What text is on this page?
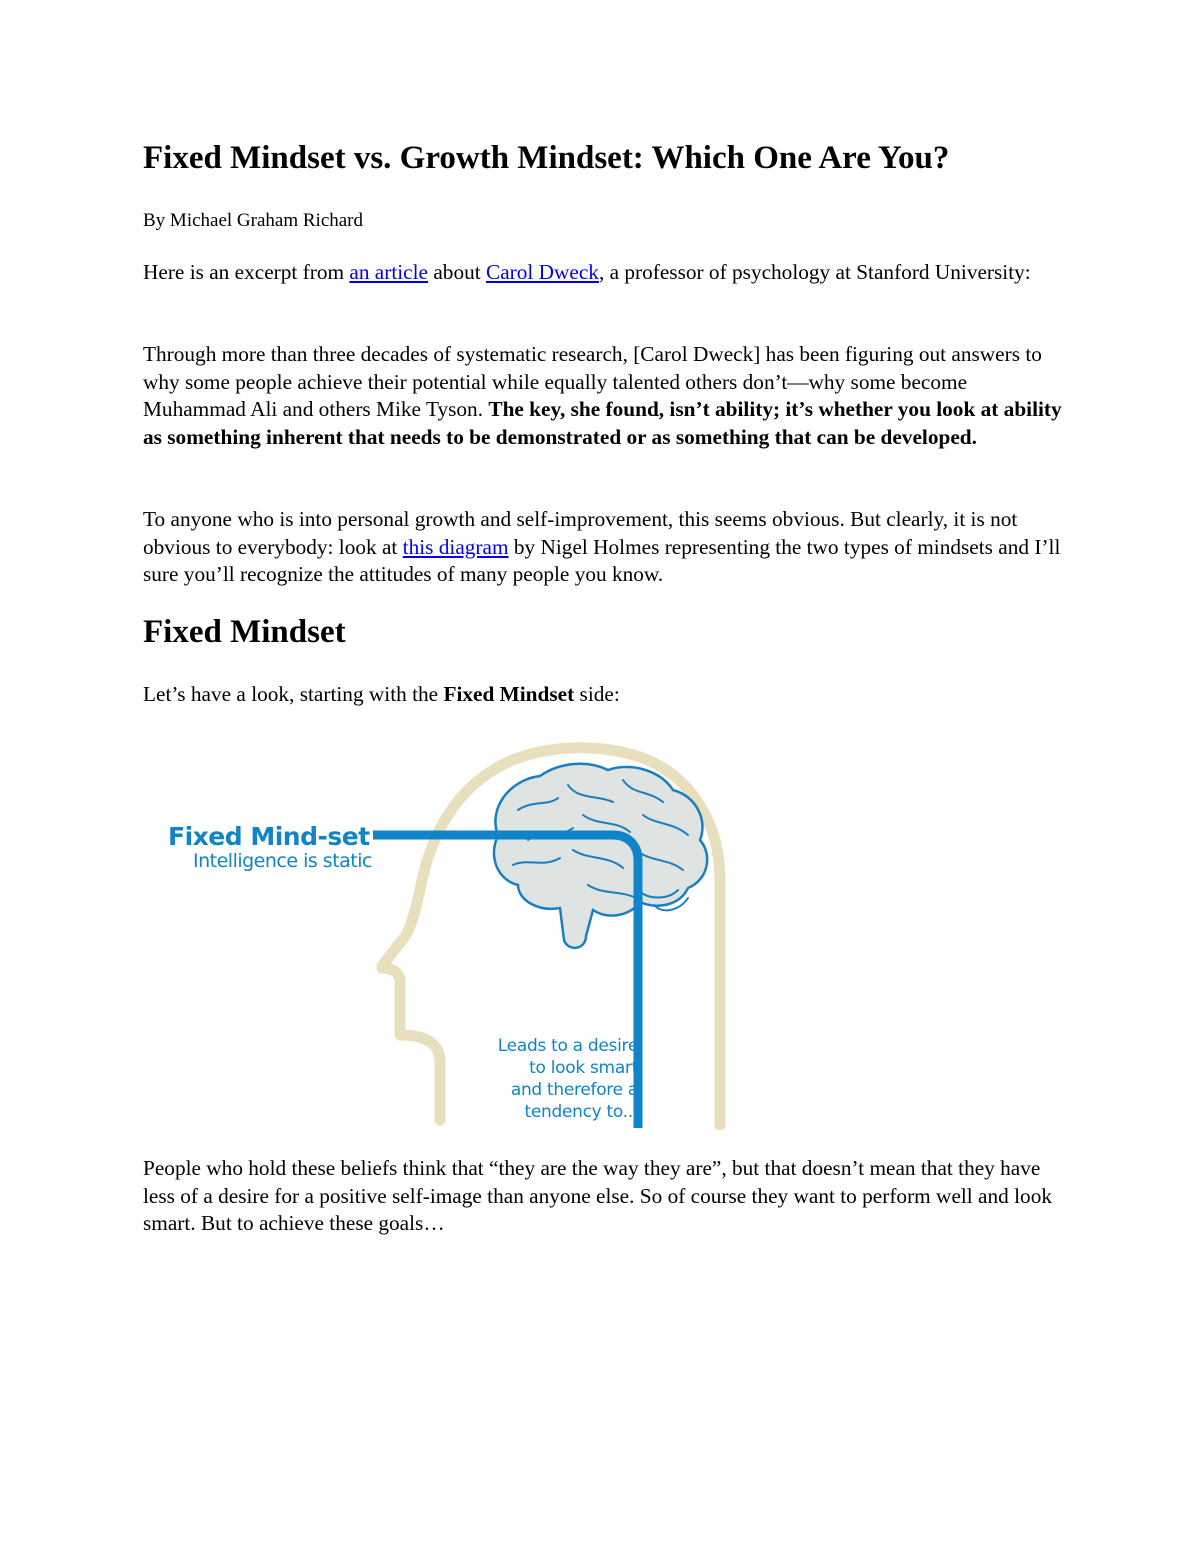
Fixed Mindset vs. Growth Mindset: Which One Are You?
By Michael Graham Richard

Here is an excerpt from an article about Carol Dweck, a professor of psychology at Stanford University:

Through more than three decades of systematic research, [Carol Dweck] has been figuring out answers to why some people achieve their potential while equally talented others don’t—why some become Muhammad Ali and others Mike Tyson. The key, she found, isn’t ability; it’s whether you look at ability as something inherent that needs to be demonstrated or as something that can be developed.

To anyone who is into personal growth and self-improvement, this seems obvious. But clearly, it is not obvious to everybody: look at this diagram by Nigel Holmes representing the two types of mindsets and I’ll sure you’ll recognize the attitudes of many people you know.

Fixed Mindset

Let’s have a look, starting with the Fixed Mindset side:

Fixed Mind-set
Intelligence is static
Leads to a desire
to look smart
and therefore a
tendency to...

People who hold these beliefs think that “they are the way they are”, but that doesn’t mean that they have less of a desire for a positive self-image than anyone else. So of course they want to perform well and look smart. But to achieve these goals…
